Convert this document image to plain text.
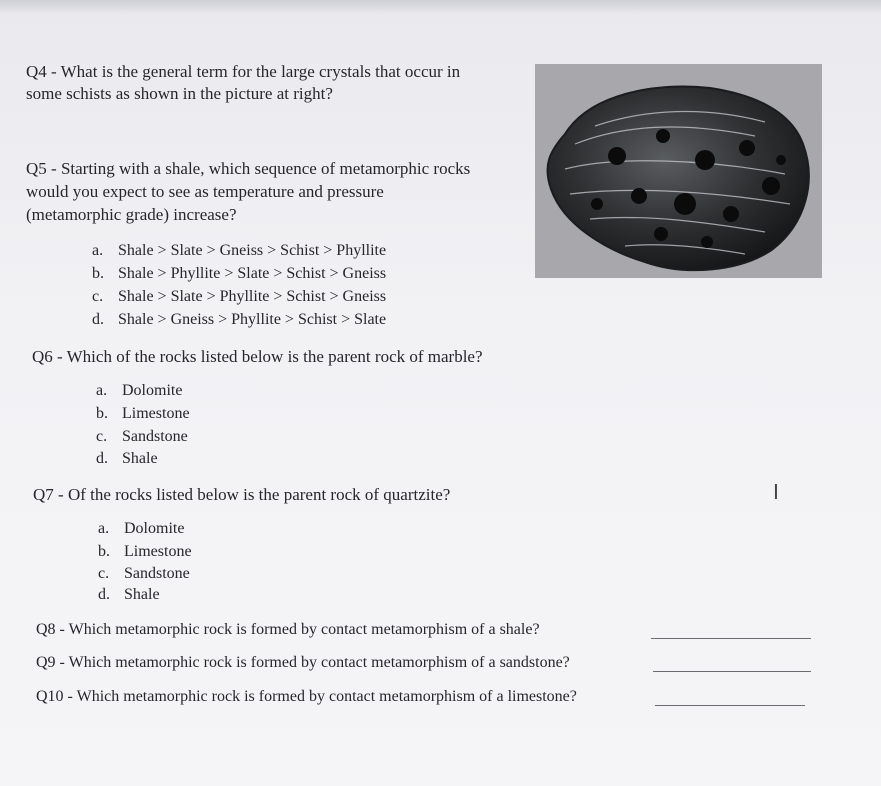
Q4 - What is the general term for the large crystals that occur in
some schists as shown in the picture at right?
Q5 - Starting with a shale, which sequence of metamorphic rocks
would you expect to see as temperature and pressure
(metamorphic grade) increase?
a. Shale > Slate > Gneiss > Schist > Phyllite
b. Shale > Phyllite > Slate > Schist > Gneiss
c. Shale > Slate > Phyllite > Schist > Gneiss
d. Shale > Gneiss > Phyllite > Schist > Slate
Q6 - Which of the rocks listed below is the parent rock of marble?
a. Dolomite
b. Limestone
c. Sandstone
d. Shale
Q7 - Of the rocks listed below is the parent rock of quartzite?
a. Dolomite
b. Limestone
c. Sandstone
d. Shale
Q8 - Which metamorphic rock is formed by contact metamorphism of a shale?
Q9 - Which metamorphic rock is formed by contact metamorphism of a sandstone?
Q10 - Which metamorphic rock is formed by contact metamorphism of a limestone?
I
